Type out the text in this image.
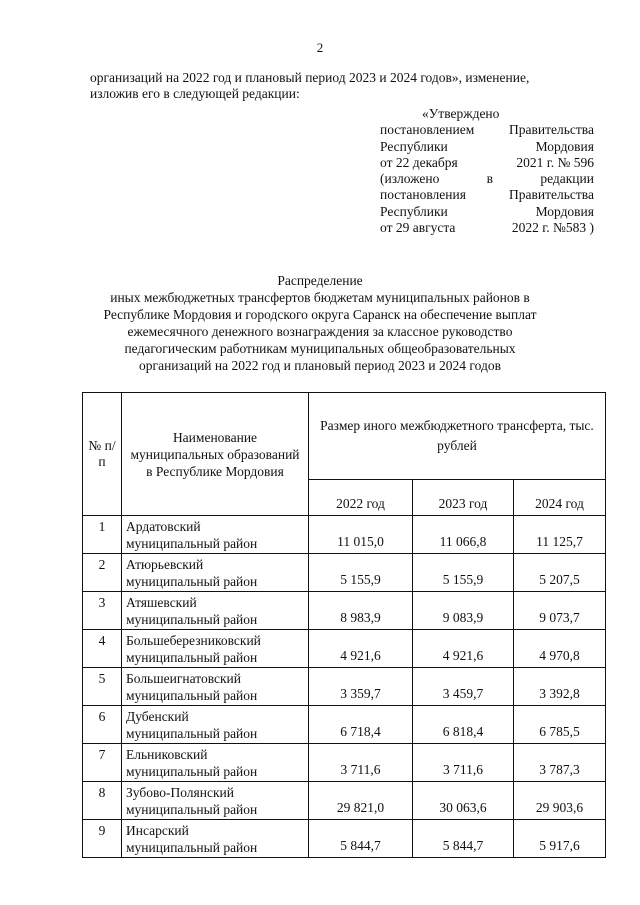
2
организаций на 2022 год и плановый период 2023 и 2024 годов», изменение,
изложив его в следующей редакции:
«Утверждено
постановлением	Правительства
Республики	Мордовия
от 22 декабря	2021 г. № 596
(изложено	в	редакции
постановления	Правительства
Республики	Мордовия
от 29 августа	2022 г. №583 )
Распределение
иных межбюджетных трансфертов бюджетам муниципальных районов в
Республике Мордовия и городского округа Саранск на обеспечение выплат
ежемесячного денежного вознаграждения за классное руководство
педагогическим работникам муниципальных общеобразовательных
организаций на 2022 год и плановый период 2023 и 2024 годов
№ п/п	Наименование муниципальных образований в Республике Мордовия	Размер иного межбюджетного трансферта, тыс. рублей		
		2022 год	2023 год	2024 год
1	Ардатовский
муниципальный район	11 015,0	11 066,8	11 125,7
2	Атюрьевский
муниципальный район	5 155,9	5 155,9	5 207,5
3	Атяшевский
муниципальный район	8 983,9	9 083,9	9 073,7
4	Большеберезниковский
муниципальный район	4 921,6	4 921,6	4 970,8
5	Большеигнатовский
муниципальный район	3 359,7	3 459,7	3 392,8
6	Дубенский
муниципальный район	6 718,4	6 818,4	6 785,5
7	Ельниковский
муниципальный район	3 711,6	3 711,6	3 787,3
8	Зубово-Полянский
муниципальный район	29 821,0	30 063,6	29 903,6
9	Инсарский
муниципальный район	5 844,7	5 844,7	5 917,6
